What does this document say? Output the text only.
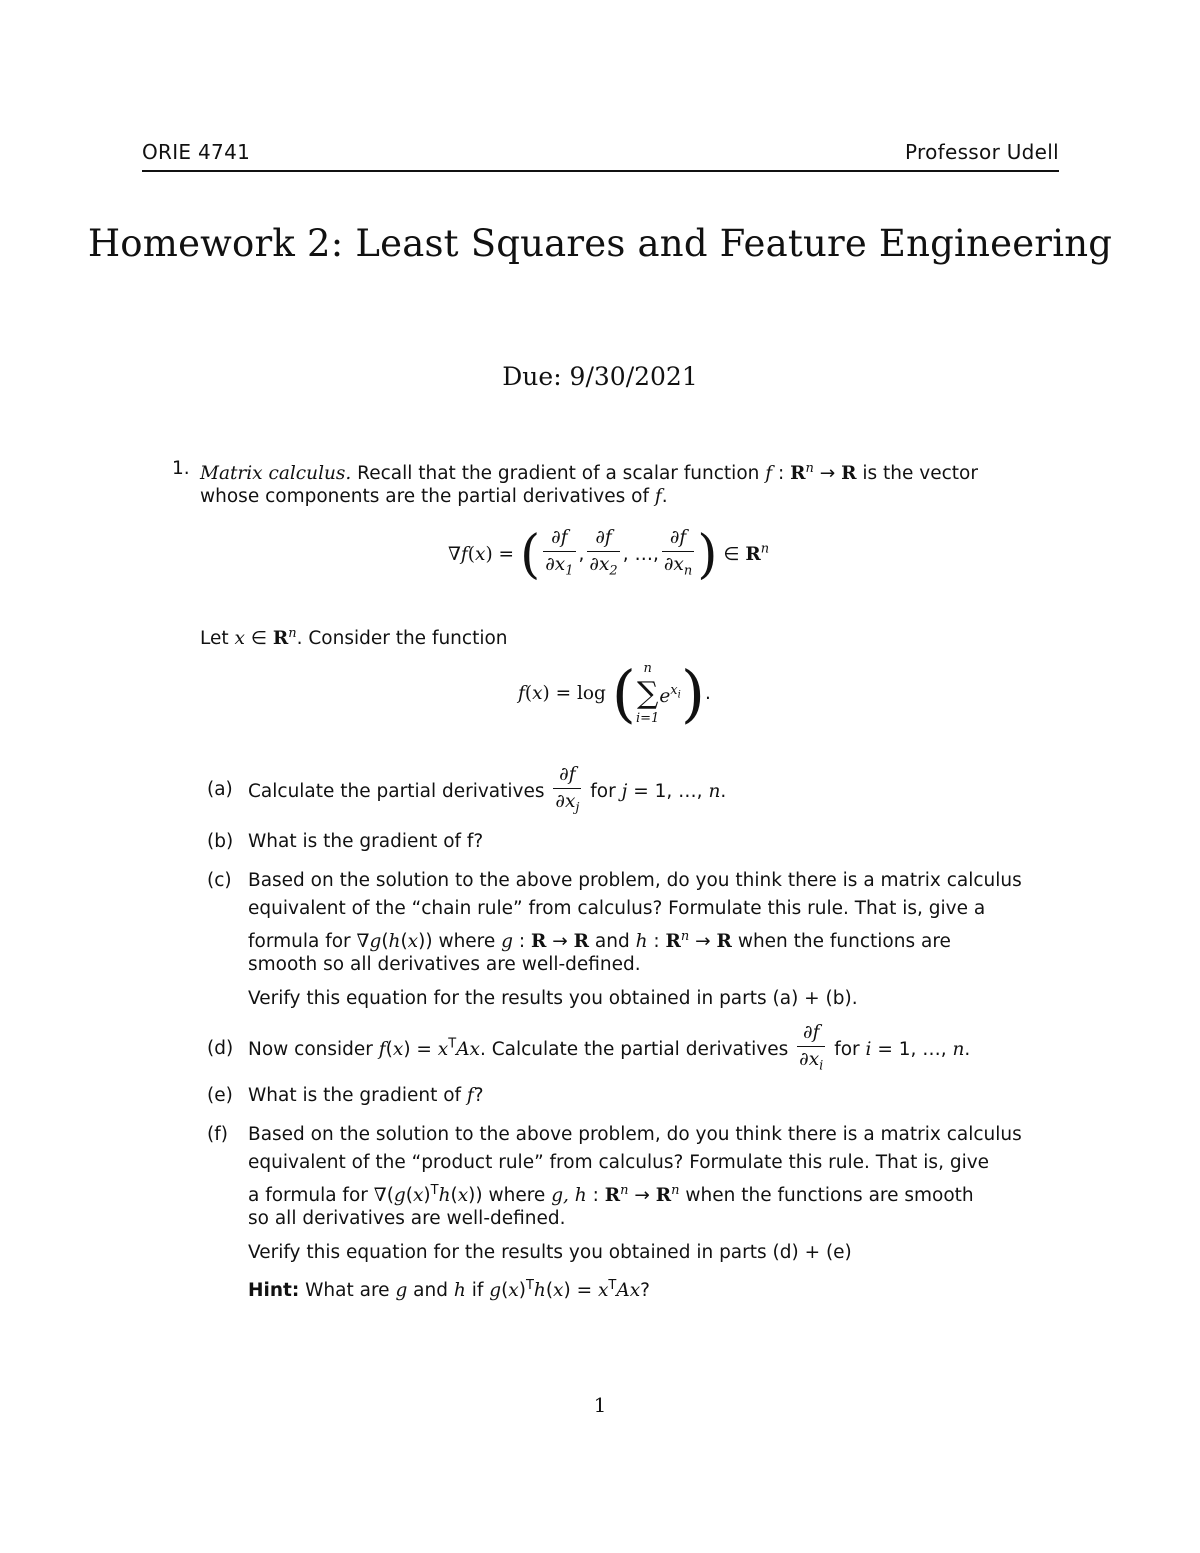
ORIE 4741	Professor Udell
Homework 2: Least Squares and Feature Engineering
Due: 9/30/2021
1. Matrix calculus. Recall that the gradient of a scalar function f : $R^n \to R$ is the vector
whose components are the partial derivatives of f.
∇f(x) = ( $\frac{\partial f}{\partial x_1}$ , $\frac{\partial f}{\partial x_2}$ , …, $\frac{\partial f}{\partial x_n}$ ) ∈ $R^n$
Let x ∈ $R^n$. Consider the function
f(x) = log ( n
∑
i=1
$e^{x_i}$).
(a) Calculate the partial derivatives $\frac{\partial f}{\partial x_j}$ for j = 1, …, n.
(b) What is the gradient of f?
(c) Based on the solution to the above problem, do you think there is a matrix calculus
equivalent of the “chain rule” from calculus? Formulate this rule. That is, give a
formula for ∇g(h(x)) where g : R → R and h : $R^n \to R$ when the functions are
smooth so all derivatives are well-defined.
Verify this equation for the results you obtained in parts (a) + (b).
(d) Now consider $f(x) = x^TAx$. Calculate the partial derivatives $\frac{\partial f}{\partial x_i}$ for i = 1, …, n.
(e) What is the gradient of f?
(f)	Based on the solution to the above problem, do you think there is a matrix calculus
equivalent of the “product rule” from calculus? Formulate this rule. That is, give
a formula for $\nabla(g(x)^Th(x))$ where g, h : $R^n \to R^n$ when the functions are smooth
so all derivatives are well-defined.
Verify this equation for the results you obtained in parts (d) + (e)
Hint: What are g and h if $g(x)^Th(x) = x^TAx$?
1
